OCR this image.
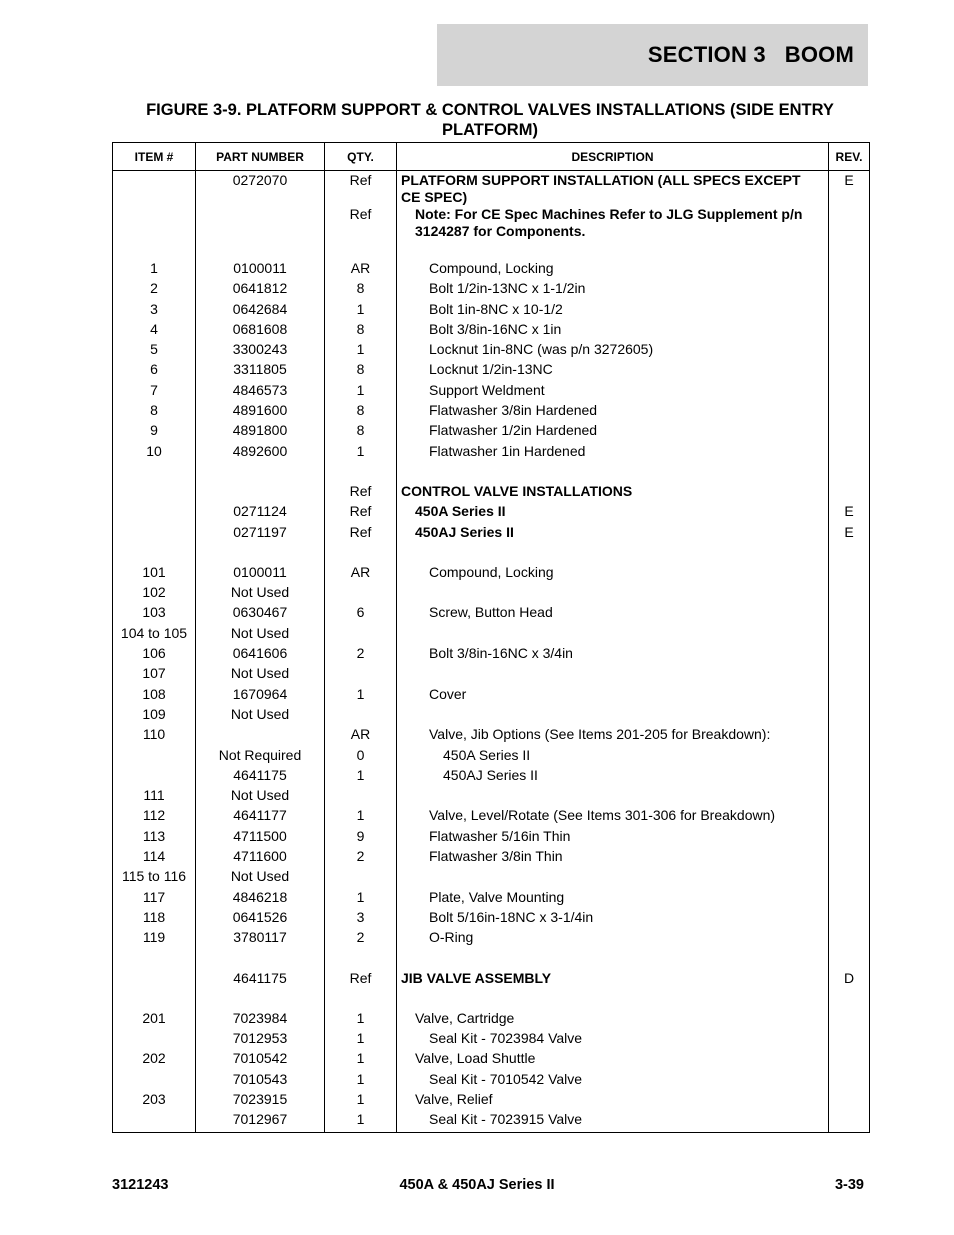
SECTION 3   BOOM
FIGURE 3-9. PLATFORM SUPPORT & CONTROL VALVES INSTALLATIONS (SIDE ENTRY PLATFORM)
ITEM #	PART NUMBER	QTY.	DESCRIPTION	REV.
	0272070	Ref	PLATFORM SUPPORT INSTALLATION (ALL SPECS EXCEPT CE SPEC)	E
		Ref	Note: For CE Spec Machines Refer to JLG Supplement p/n 3124287 for Components.	

1	0100011	AR	Compound, Locking	

2	0641812	8	Bolt 1/2in-13NC x 1-1/2in	

3	0642684	1	Bolt 1in-8NC x 10-1/2	

4	0681608	8	Bolt 3/8in-16NC x 1in	

5	3300243	1	Locknut 1in-8NC (was p/n 3272605)	

6	3311805	8	Locknut 1/2in-13NC	

7	4846573	1	Support Weldment	

8	4891600	8	Flatwasher 3/8in Hardened	

9	4891800	8	Flatwasher 1/2in Hardened	

10	4892600	1	Flatwasher 1in Hardened	

		Ref	CONTROL VALVE INSTALLATIONS	

	0271124	Ref	450A Series II	E
	0271197	Ref	450AJ Series II	E

101	0100011	AR	Compound, Locking	

102	Not Used		

103	0630467	6	Screw, Button Head	

104 to 105	Not Used		

106	0641606	2	Bolt 3/8in-16NC x 3/4in	

107	Not Used		

108	1670964	1	Cover	

109	Not Used		

110		AR	Valve, Jib Options (See Items 201-205 for Breakdown):	

	Not Required	0	450A Series II	

	4641175	1	450AJ Series II	

111	Not Used		

112	4641177	1	Valve, Level/Rotate (See Items 301-306 for Breakdown)	

113	4711500	9	Flatwasher 5/16in Thin	

114	4711600	2	Flatwasher 3/8in Thin	

115 to 116	Not Used		

117	4846218	1	Plate, Valve Mounting	

118	0641526	3	Bolt 5/16in-18NC x 3-1/4in	

119	3780117	2	O-Ring	

	4641175	Ref	JIB VALVE ASSEMBLY	D

201	7023984	1	Valve, Cartridge	

	7012953	1	Seal Kit - 7023984 Valve	

202	7010542	1	Valve, Load Shuttle	

	7010543	1	Seal Kit - 7010542 Valve	

203	7023915	1	Valve, Relief	

	7012967	1	Seal Kit - 7023915 Valve	

3121243	450A & 450AJ Series II	3-39
